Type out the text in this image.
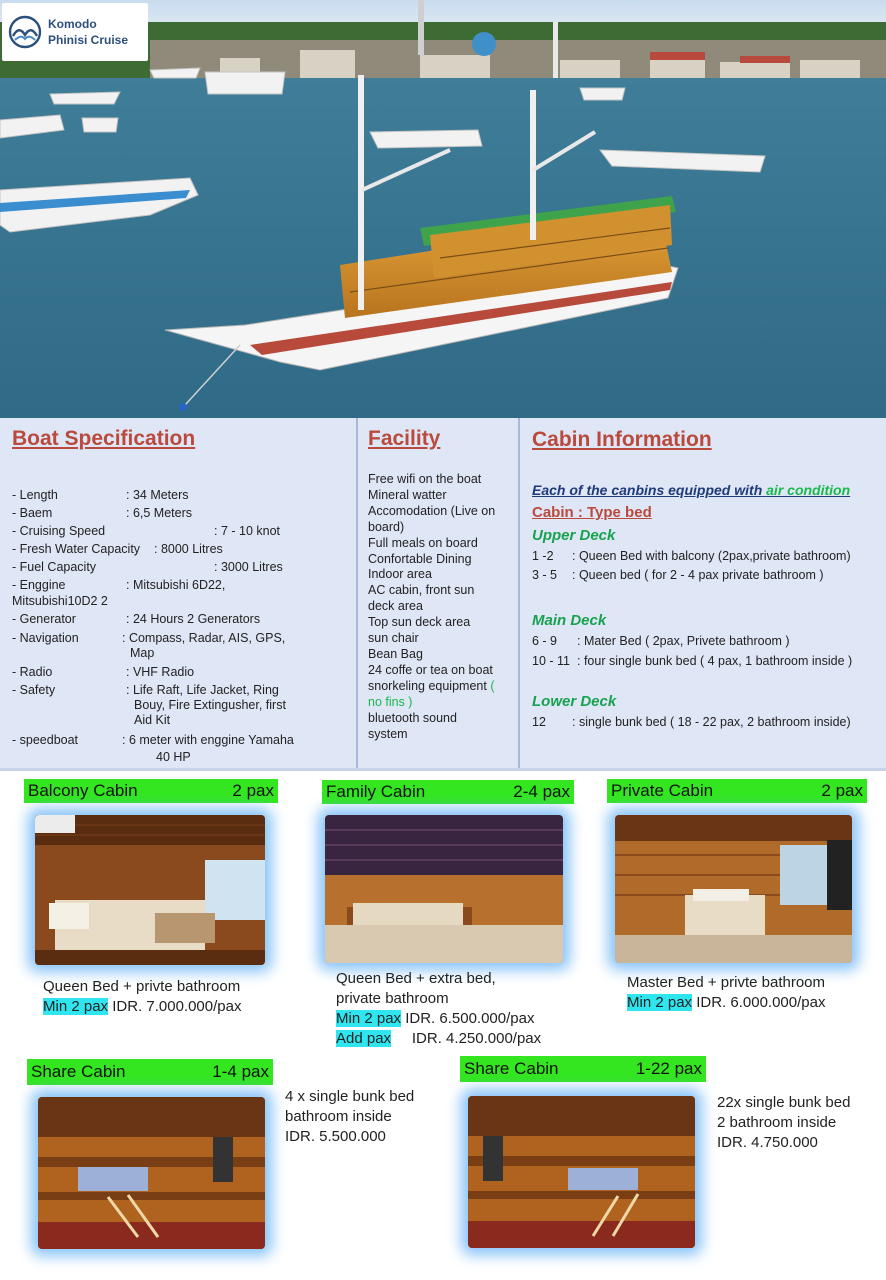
Komodo
Phinisi Cruise
Boat Specification
- Length	: 34 Meters
- Baem	: 6,5 Meters
- Cruising Speed	: 7 - 10 knot
- Fresh Water Capacity : 8000 Litres
- Fuel Capacity	: 3000 Litres
- Enggine	: Mitsubishi 6D22,
Mitsubishi10D2 2
- Generator	: 24 Hours 2 Generators
- Navigation	: Compass, Radar, AIS, GPS,
Map
- Radio	: VHF Radio
- Safety	: Life Raft, Life Jacket, Ring
Bouy, Fire Extingusher, first
Aid Kit
- speedboat	: 6 meter with enggine Yamaha
40 HP
Facility
Free wifi on the boat
Mineral watter
Accomodation (Live on
board)
Full meals on board
Confortable Dining
Indoor area
AC cabin, front sun
deck area
Top sun deck area
sun chair
Bean Bag
24 coffe or tea on boat
snorkeling equipment (
no fins )
bluetooth sound
system
Cabin Information
Each of the canbins equipped with air condition
Cabin : Type bed
Upper Deck
1 -2 : Queen Bed with balcony (2pax,private bathroom)
3 - 5 : Queen bed ( for 2 - 4 pax private bathroom )
Main Deck
6 - 9 : Mater Bed ( 2pax, Privete bathroom )
10 - 11 : four single bunk bed ( 4 pax, 1 bathroom inside )
Lower Deck
12 : single bunk bed ( 18 - 22 pax, 2 bathroom inside)
Balcony Cabin	2 pax
Queen Bed + privte bathroom
Min 2 pax IDR. 7.000.000/pax
Family Cabin	2-4 pax
Queen Bed + extra bed,
private bathroom
Min 2 pax IDR. 6.500.000/pax
Add pax IDR. 4.250.000/pax
Private Cabin	2 pax
Master Bed + privte bathroom
Min 2 pax IDR. 6.000.000/pax
Share Cabin	1-4 pax
4 x single bunk bed
bathroom inside
IDR. 5.500.000
Share Cabin	1-22 pax
22x single bunk bed
2 bathroom inside
IDR. 4.750.000
